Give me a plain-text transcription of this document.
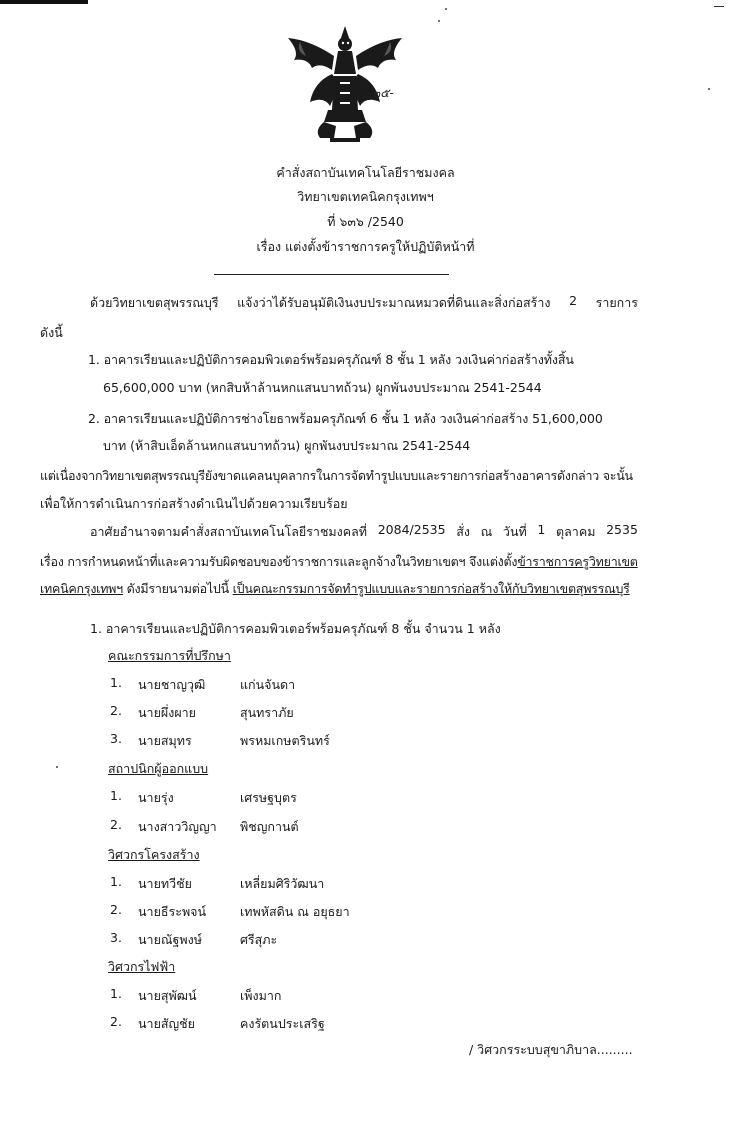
-๒๕-
คำสั่งสถาบันเทคโนโลยีราชมงคล
วิทยาเขตเทคนิคกรุงเทพฯ
ที่ ๖๓๖ /2540
เรื่อง แต่งตั้งข้าราชการครูให้ปฏิบัติหน้าที่
ด้วยวิทยาเขตสุพรรณบุรี แจ้งว่าได้รับอนุมัติเงินงบประมาณหมวดที่ดินและสิ่งก่อสร้าง 2 รายการ
ดังนี้
1. อาคารเรียนและปฏิบัติการคอมพิวเตอร์พร้อมครุภัณฑ์ 8 ชั้น 1 หลัง วงเงินค่าก่อสร้างทั้งสิ้น
65,600,000 บาท (หกสิบห้าล้านหกแสนบาทถ้วน) ผูกพันงบประมาณ 2541-2544
2. อาคารเรียนและปฏิบัติการช่างโยธาพร้อมครุภัณฑ์ 6 ชั้น 1 หลัง วงเงินค่าก่อสร้าง 51,600,000
บาท (ห้าสิบเอ็ดล้านหกแสนบาทถ้วน) ผูกพันงบประมาณ 2541-2544
แต่เนื่องจากวิทยาเขตสุพรรณบุรียังขาดแคลนบุคลากรในการจัดทำรูปแบบและรายการก่อสร้างอาคารดังกล่าว จะนั้น
เพื่อให้การดำเนินการก่อสร้างดำเนินไปด้วยความเรียบร้อย
อาศัยอำนาจตามคำสั่งสถาบันเทคโนโลยีราชมงคลที่ 2084/2535 สั่ง ณ วันที่ 1 ตุลาคม 2535
เรื่อง การกำหนดหน้าที่และความรับผิดชอบของข้าราชการและลูกจ้างในวิทยาเขตฯ จึงแต่งตั้งข้าราชการครูวิทยาเขต
เทคนิคกรุงเทพฯ ดังมีรายนามต่อไปนี้ เป็นคณะกรรมการจัดทำรูปแบบและรายการก่อสร้างให้กับวิทยาเขตสุพรรณบุรี
1. อาคารเรียนและปฏิบัติการคอมพิวเตอร์พร้อมครุภัณฑ์ 8 ชั้น จำนวน 1 หลัง
คณะกรรมการที่ปรึกษา
1. นายชาญวุฒิ	แก่นจันดา
2. นายผึ่งผาย	สุนทราภัย
3. นายสมุทร	พรหมเกษตรินทร์
สถาปนิกผู้ออกแบบ
1. นายรุ่ง	เศรษฐบุตร
2. นางสาววิญญา พิชญกานต์
วิศวกรโครงสร้าง
1. นายทวีชัย	เหลี่ยมศิริวัฒนา
2. นายธีระพจน์	เทพหัสดิน ณ อยุธยา
3. นายณัฐพงษ์	ศรีสุภะ
วิศวกรไฟฟ้า
1. นายสุพัฒน์	เพ็งมาก
2. นายสัญชัย	คงรัตนประเสริฐ
/ วิศวกรระบบสุขาภิบาล.........
